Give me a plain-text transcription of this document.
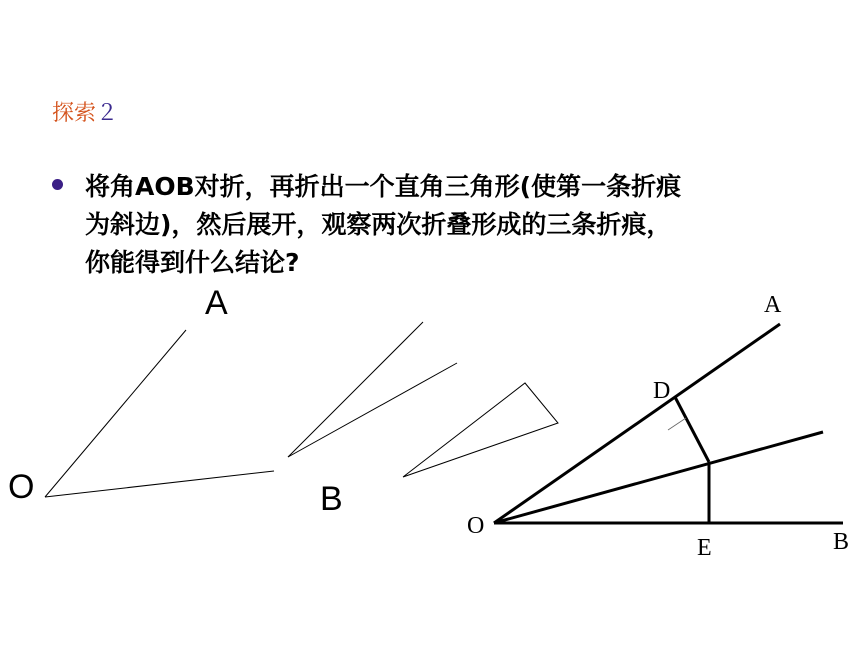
探索２
将角AOB对折，再折出一个直角三角形(使第一条折痕
为斜边)，然后展开，观察两次折叠形成的三条折痕，
你能得到什么结论?
A
O	B
A
D
O
E	B
